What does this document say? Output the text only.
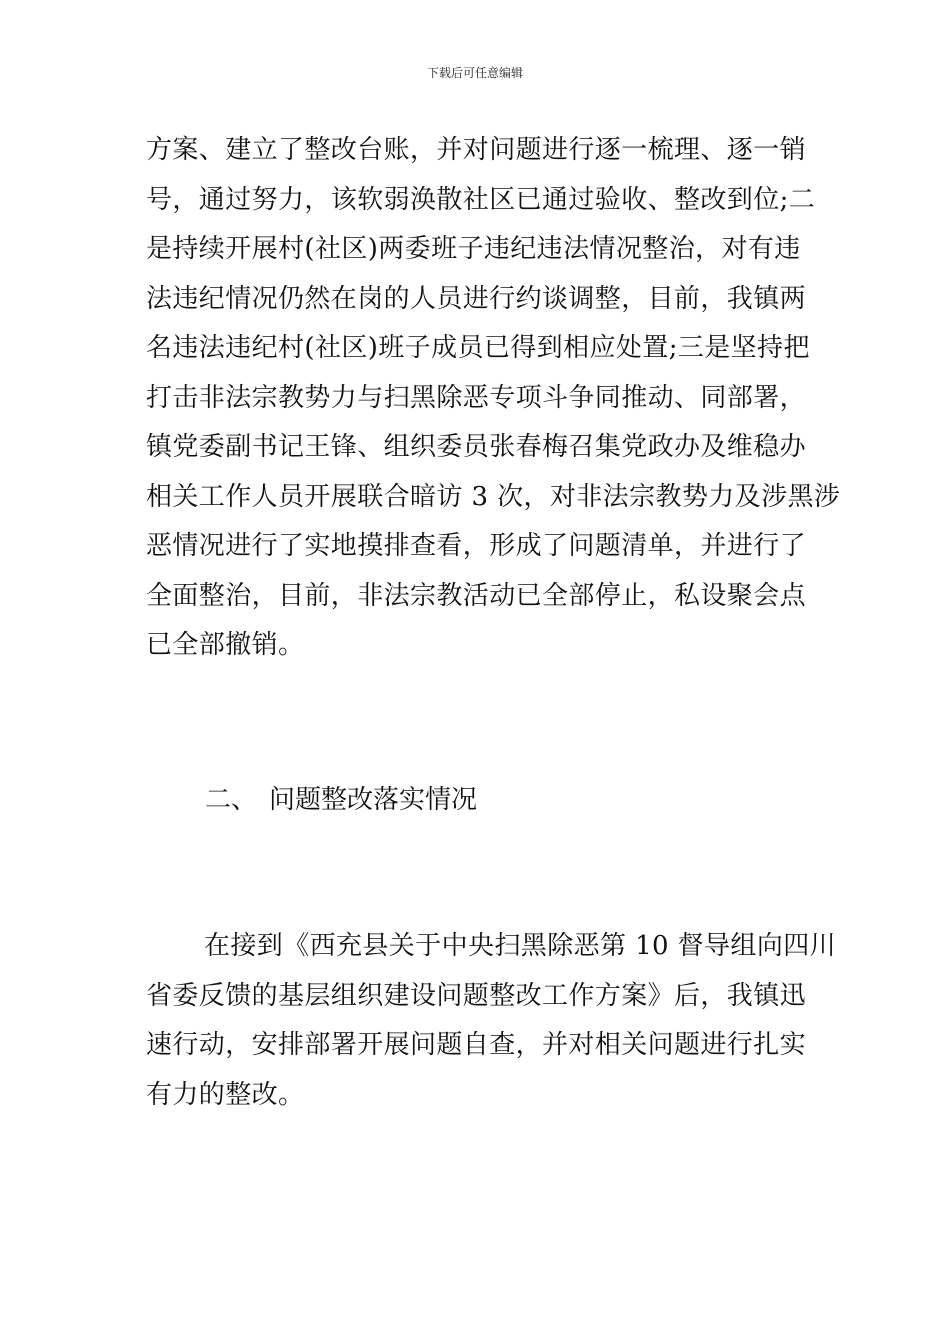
下载后可任意编辑
方案、建立了整改台账，并对问题进行逐一梳理、逐一销
号，通过努力，该软弱涣散社区已通过验收、整改到位;二
是持续开展村(社区)两委班子违纪违法情况整治，对有违
法违纪情况仍然在岗的人员进行约谈调整，目前，我镇两
名违法违纪村(社区)班子成员已得到相应处置;三是坚持把
打击非法宗教势力与扫黑除恶专项斗争同推动、同部署，
镇党委副书记王锋、组织委员张春梅召集党政办及维稳办
相关工作人员开展联合暗访 3 次，对非法宗教势力及涉黑涉
恶情况进行了实地摸排查看，形成了问题清单，并进行了
全面整治，目前，非法宗教活动已全部停止，私设聚会点
已全部撤销。
二、 问题整改落实情况
在接到《西充县关于中央扫黑除恶第 10 督导组向四川
省委反馈的基层组织建设问题整改工作方案》后，我镇迅
速行动，安排部署开展问题自查，并对相关问题进行扎实
有力的整改。
